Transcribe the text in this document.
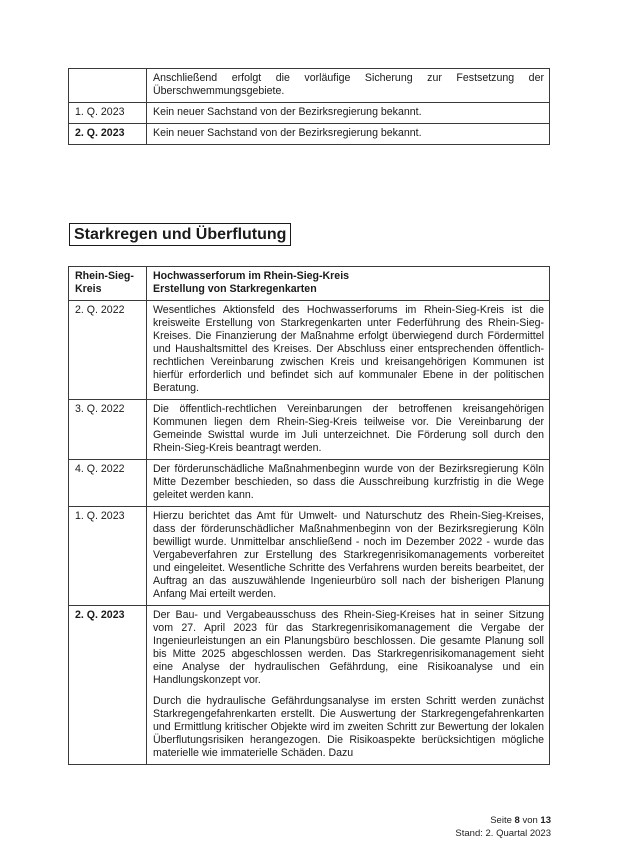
	Anschließend erfolgt die vorläufige Sicherung zur Festsetzung der Überschwemmungsgebiete.
1. Q. 2023	Kein neuer Sachstand von der Bezirksregierung bekannt.
2. Q. 2023	Kein neuer Sachstand von der Bezirksregierung bekannt.
Starkregen und Überflutung
Rhein-Sieg-
Kreis	Hochwasserforum im Rhein-Sieg-Kreis
Erstellung von Starkregenkarten
2. Q. 2022	Wesentliches Aktionsfeld des Hochwasserforums im Rhein-Sieg-Kreis ist die kreisweite Erstellung von Starkregenkarten unter Federführung des Rhein-Sieg-Kreises. Die Finanzierung der Maßnahme erfolgt überwiegend durch Fördermittel und Haushaltsmittel des Kreises. Der Abschluss einer entsprechenden öffentlich-rechtlichen Vereinbarung zwischen Kreis und kreisangehörigen Kommunen ist hierfür erforderlich und befindet sich auf kommunaler Ebene in der politischen Beratung.

3. Q. 2022	Die öffentlich-rechtlichen Vereinbarungen der betroffenen kreisangehörigen Kommunen liegen dem Rhein-Sieg-Kreis teilweise vor. Die Vereinbarung der Gemeinde Swisttal wurde im Juli unterzeichnet. Die Förderung soll durch den Rhein-Sieg-Kreis beantragt werden.

4. Q. 2022	Der förderunschädliche Maßnahmenbeginn wurde von der Bezirksregierung Köln Mitte Dezember beschieden, so dass die Ausschreibung kurzfristig in die Wege geleitet werden kann.

1. Q. 2023	Hierzu berichtet das Amt für Umwelt- und Naturschutz des Rhein-Sieg-Kreises, dass der förderunschädlicher Maßnahmenbeginn von der Bezirksregierung Köln bewilligt wurde. Unmittelbar anschließend - noch im Dezember 2022 - wurde das Vergabeverfahren zur Erstellung des Starkregenrisikomanagements vorbereitet und eingeleitet. Wesentliche Schritte des Verfahrens wurden bereits bearbeitet, der Auftrag an das auszuwählende Ingenieurbüro soll nach der bisherigen Planung Anfang Mai erteilt werden.

2. Q. 2023	Der Bau- und Vergabeausschuss des Rhein-Sieg-Kreises hat in seiner Sitzung vom 27. April 2023 für das Starkregenrisikomanagement die Vergabe der Ingenieurleistungen an ein Planungsbüro beschlossen. Die gesamte Planung soll bis Mitte 2025 abgeschlossen werden. Das Starkregenrisikomanagement sieht eine Analyse der hydraulischen Gefährdung, eine Risikoanalyse und ein Handlungskonzept vor.

Durch die hydraulische Gefährdungsanalyse im ersten Schritt werden zunächst Starkregengefahrenkarten erstellt. Die Auswertung der Starkregengefahrenkarten und Ermittlung kritischer Objekte wird im zweiten Schritt zur Bewertung der lokalen Überflutungsrisiken herangezogen. Die Risikoaspekte berücksichtigen mögliche materielle wie immaterielle Schäden. Dazu

Seite 8 von 13
Stand: 2. Quartal 2023
